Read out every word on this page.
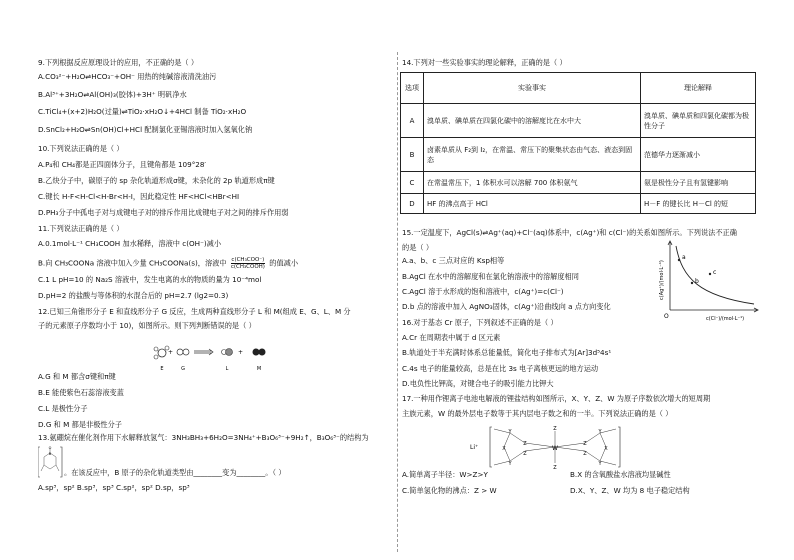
9.下列根据反应原理设计的应用，不正确的是（ ）
A.CO₃²⁻+H₂O⇌HCO₃⁻+OH⁻ 用热的纯碱溶液清洗油污
B.Al³⁺+3H₂O⇌Al(OH)₃(胶体)+3H⁺ 明矾净水
C.TiCl₄+(x+2)H₂O(过量)⇌TiO₂·xH₂O↓+4HCl 制备 TiO₂·xH₂O
D.SnCl₂+H₂O⇌Sn(OH)Cl+HCl 配制氯化亚锡溶液时加入氢氧化钠
10.下列说法正确的是（ ）
A.P₄和 CH₄都是正四面体分子，且键角都是 109°28′
B.乙炔分子中，碳原子的 sp 杂化轨道形成σ键，未杂化的 2p 轨道形成π键
C.键长 H-F<H-Cl<H-Br<H-I，因此稳定性 HF<HCl<HBr<HI
D.PH₃分子中孤电子对与成键电子对的排斥作用比成键电子对之间的排斥作用弱
11.下列说法正确的是（ ）
A.0.1mol·L⁻¹ CH₃COOH 加水稀释，溶液中 c(OH⁻)减小
B.向 CH₃COONa 溶液中加入少量 CH₃COONa(s)，溶液中 c(CH₃COO⁻)
c(CH₃COOH) 的值减小
C.1 L pH=10 的 Na₂S 溶液中，发生电离的水的物质的量为 10⁻⁴mol
D.pH=2 的盐酸与等体积的水混合后的 pH=2.7 (lg2=0.3)
12.已知三角锥形分子 E 和直线形分子 G 反应，生成两种直线形分子 L 和 M(组成 E、G、L、M 分
子的元素原子序数均小于 10)，如图所示。则下列判断错误的是（ ）
+	+
E	G	L	M
A.G 和 M 都含σ键和π键
B.E 能使紫色石蕊溶液变蓝
C.L 是极性分子
D.G 和 M 都是非极性分子
13.氨硼烷在催化剂作用下水解释放氢气：3NH₃BH₃+6H₂O=3NH₄⁺+B₃O₆³⁻+9H₂↑，B₃O₆³⁻的结构为
B
O
。在该反应中，B 原子的杂化轨道类型由________变为________。（ ）
A.sp³，sp² B.sp³，sp³ C.sp²，sp² D.sp，sp³
14.下列对一些实验事实的理论解释，正确的是（ ）
选项	实验事实	理论解释
A	溴单质、碘单质在四氯化碳中的溶解度比在水中大	溴单质、碘单质和四氯化碳都为极性分子
B	卤素单质从 F₂到 I₂，在常温、常压下的聚集状态由气态、液态到固态	范德华力逐渐减小
C	在常温常压下，1 体积水可以溶解 700 体积氨气	氨是极性分子且有氢键影响
D	HF 的沸点高于 HCl	H－F 的键长比 H－Cl 的短
15.一定温度下，AgCl(s)⇌Ag⁺(aq)+Cl⁻(aq)体系中，c(Ag⁺)和 c(Cl⁻)的关系如图所示。下列说法不正确
的是（ ）
A.a、b、c 三点对应的 Ksp相等
B.AgCl 在水中的溶解度和在氯化钠溶液中的溶解度相同
C.AgCl 溶于水形成的饱和溶液中，c(Ag⁺)=c(Cl⁻)
D.b 点的溶液中加入 AgNO₃固体，c(Ag⁺)沿曲线向 a 点方向变化
a
b
c
O	c(Cl⁻)/(mol·L⁻¹)
c(Ag⁺)/(mol·L⁻¹)
16.对于基态 Cr 原子，下列叙述不正确的是（ ）
A.Cr 在周期表中属于 d 区元素
B.轨道处于半充满时体系总能量低，简化电子排布式为[Ar]3d⁵4s¹
C.4s 电子的能量较高，总是在比 3s 电子离核更远的地方运动
D.电负性比钾高，对键合电子的吸引能力比钾大
17.一种用作锂离子电池电解液的锂盐结构如图所示，X、Y、Z、W 为原子序数依次增大的短周期
主族元素，W 的最外层电子数等于其内层电子数之和的一半。下列说法正确的是（ ）
Li⁺	W
Z
Z
X	X
Y
Y
Y
Y
Z
Z
Z
Z
A.简单离子半径：W>Z>Y	B.X 的含氧酸盐水溶液均显碱性
C.简单氢化物的沸点：Z > W	D.X、Y、Z、W 均为 8 电子稳定结构
